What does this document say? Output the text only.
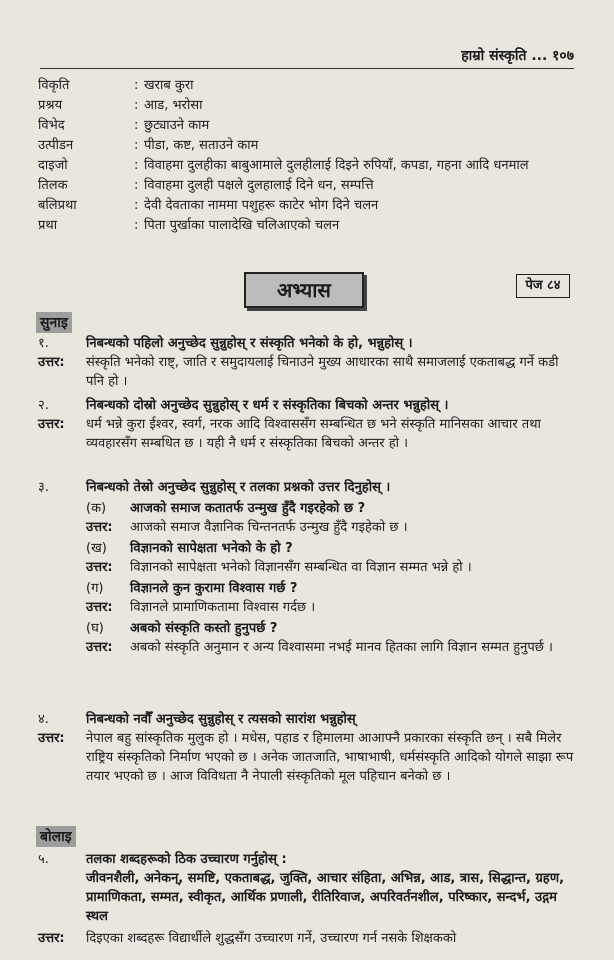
हाम्रो संस्कृति ... १०७
विकृति	: खराब कुरा
प्रश्रय	: आड, भरोसा
विभेद	: छुट्याउने काम
उत्पीडन	: पीडा, कष्ट, सताउने काम
दाइजो	: विवाहमा दुलहीका बाबुआमाले दुलहीलाई दिइने रुपियाँ, कपडा, गहना आदि धनमाल
तिलक	: विवाहमा दुलही पक्षले दुलहालाई दिने धन, सम्पत्ति
बलिप्रथा	: देवी देवताका नाममा पशुहरू काटेर भोग दिने चलन
प्रथा	: पिता पुर्खाका पालादेखि चलिआएको चलन
अभ्यास	पेज ८४
सुनाइ
१.	निबन्धको पहिलो अनुच्छेद सुन्नुहोस् र संस्कृति भनेको के हो, भन्नुहोस् ।
उत्तर:	संस्कृति भनेको राष्ट्, जाति र समुदायलाई चिनाउने मुख्य आधारका साथै समाजलाई एकताबद्ध गर्ने कडी पनि हो ।
२.	निबन्धको दोस्रो अनुच्छेद सुन्नुहोस् र धर्म र संस्कृतिका बिचको अन्तर भन्नुहोस् ।
उत्तर:	धर्म भन्ने कुरा ईश्वर, स्वर्ग, नरक आदि विश्वाससँग सम्बन्धित छ भने संस्कृति मानिसका आचार तथा व्यवहारसँग सम्बधित छ । यही नै धर्म र संस्कृतिका बिचको अन्तर हो ।
३.	निबन्धको तेस्रो अनुच्छेद सुन्नुहोस् र तलका प्रश्नको उत्तर दिनुहोस् ।
(क)	आजको समाज कतातर्फ उन्मुख हुँदै गइरहेको छ ?
उत्तर:	आजको समाज वैज्ञानिक चिन्तनतर्फ उन्मुख हुँदै गइहेको छ ।
(ख)	विज्ञानको सापेक्षता भनेको के हो ?
उत्तर:	विज्ञानको सापेक्षता भनेको विज्ञानसँग सम्बन्धित वा विज्ञान सम्मत भन्ने हो ।
(ग)	विज्ञानले कुन कुरामा विश्वास गर्छ ?
उत्तर:	विज्ञानले प्रामाणिकतामा विश्वास गर्दछ ।
(घ)	अबको संस्कृति कस्तो हुनुपर्छ ?
उत्तर:	अबको संस्कृति अनुमान र अन्य विश्वासमा नभई मानव हितका लागि विज्ञान सम्मत हुनुपर्छ ।
४.	निबन्धको नवौँ अनुच्छेद सुन्नुहोस् र त्यसको सारांश भन्नुहोस्
उत्तर:	नेपाल बहु सांस्कृतिक मुलुक हो । मधेस, पहाड र हिमालमा आआफ्नै प्रकारका संस्कृति छन् । सबै मिलेर राष्ट्रिय संस्कृतिको निर्माण भएको छ । अनेक जातजाति, भाषाभाषी, धर्मसंस्कृति आदिको योगले साझा रूप तयार भएको छ । आज विविधता नै नेपाली संस्कृतिको मूल पहिचान बनेको छ ।
बोलाइ
५.	तलका शब्दहरूको ठिक उच्चारण गर्नुहोस् :
जीवनशैली, अनेकन्, समष्टि, एकताबद्ध, जुक्ति, आचार संहिता, अभिन्न, आड, त्रास, सिद्धान्त, ग्रहण, प्रामाणिकता, सम्मत, स्वीकृत, आर्थिक प्रणाली, रीतिरिवाज, अपरिवर्तनशील, परिष्कार, सन्दर्भ, उद्गम स्थल
उत्तर:	दिइएका शब्दहरू विद्यार्थीले शुद्धसँग उच्चारण गर्ने, उच्चारण गर्न नसके शिक्षकको
